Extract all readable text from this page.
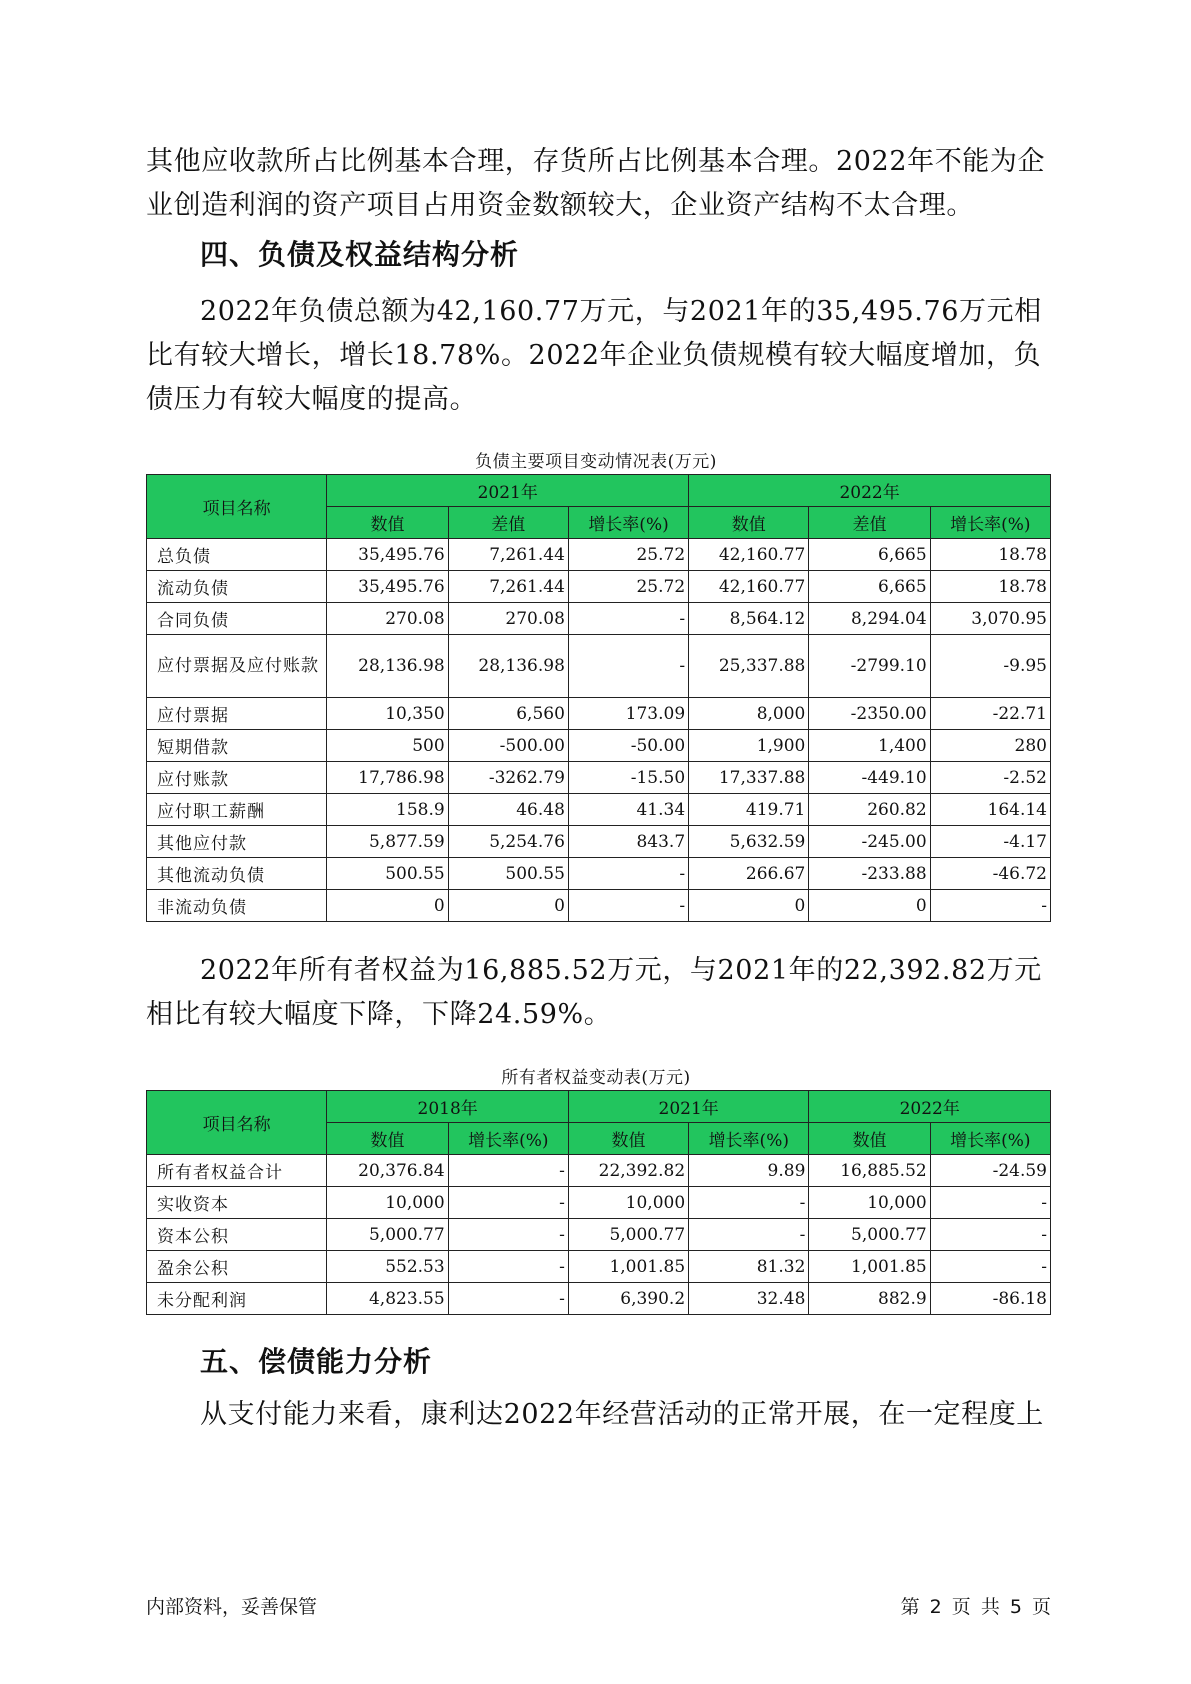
其他应收款所占比例基本合理，存货所占比例基本合理。2022年不能为企业创造利润的资产项目占用资金数额较大，企业资产结构不太合理。

四、负债及权益结构分析

2022年负债总额为42,160.77万元，与2021年的35,495.76万元相比有较大增长，增长18.78%。2022年企业负债规模有较大幅度增加，负债压力有较大幅度的提高。

负债主要项目变动情况表(万元)
项目名称	2021年			2022年		
	数值	差值	增长率(%)	数值	差值	增长率(%)
总负债	35,495.76	7,261.44	25.72	42,160.77	6,665	18.78
流动负债	35,495.76	7,261.44	25.72	42,160.77	6,665	18.78
合同负债	270.08	270.08	-	8,564.12	8,294.04	3,070.95
应付票据及应付账款	28,136.98	28,136.98	-	25,337.88	-2799.10	-9.95
应付票据	10,350	6,560	173.09	8,000	-2350.00	-22.71
短期借款	500	-500.00	-50.00	1,900	1,400	280
应付账款	17,786.98	-3262.79	-15.50	17,337.88	-449.10	-2.52
应付职工薪酬	158.9	46.48	41.34	419.71	260.82	164.14
其他应付款	5,877.59	5,254.76	843.7	5,632.59	-245.00	-4.17
其他流动负债	500.55	500.55	-	266.67	-233.88	-46.72
非流动负债	0	0	-	0	0	-

2022年所有者权益为16,885.52万元，与2021年的22,392.82万元相比有较大幅度下降，下降24.59%。

所有者权益变动表(万元)
项目名称	2018年		2021年		2022年	
	数值	增长率(%)	数值	增长率(%)	数值	增长率(%)
所有者权益合计	20,376.84	-	22,392.82	9.89	16,885.52	-24.59
实收资本	10,000	-	10,000	-	10,000	-
资本公积	5,000.77	-	5,000.77	-	5,000.77	-
盈余公积	552.53	-	1,001.85	81.32	1,001.85	-
未分配利润	4,823.55	-	6,390.2	32.48	882.9	-86.18
五、偿债能力分析

从支付能力来看，康利达2022年经营活动的正常开展，在一定程度上

内部资料，妥善保管	第 2 页 共 5 页
